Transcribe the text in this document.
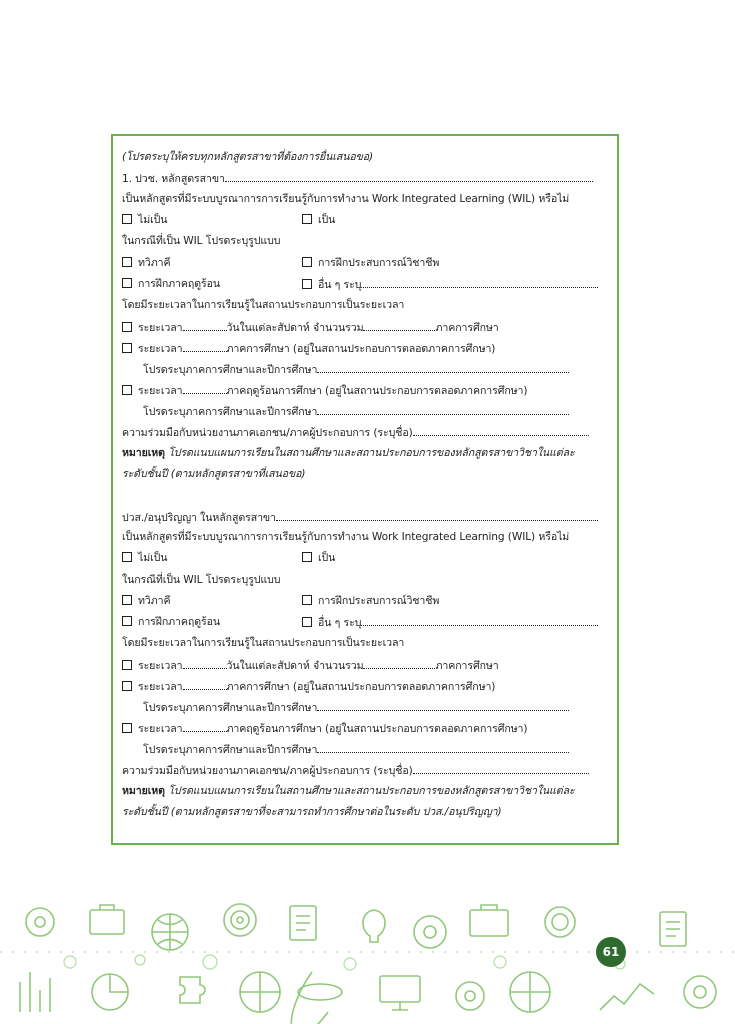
(โปรดระบุให้ครบทุกหลักสูตรสาขาที่ต้องการยื่นเสนอขอ)
1. ปวช. หลักสูตรสาขา
เป็นหลักสูตรที่มีระบบบูรณาการการเรียนรู้กับการทำงาน Work Integrated Learning (WIL) หรือไม่
ไม่เป็น	เป็น
ในกรณีที่เป็น WIL โปรดระบุรูปแบบ
ทวิภาคี	การฝึกประสบการณ์วิชาชีพ
การฝึกภาคฤดูร้อน	อื่น ๆ ระบุ
โดยมีระยะเวลาในการเรียนรู้ในสถานประกอบการเป็นระยะเวลา
ระยะเวลา	วันในแต่ละสัปดาห์ จำนวนรวม	ภาคการศึกษา
ระยะเวลา	ภาคการศึกษา (อยู่ในสถานประกอบการตลอดภาคการศึกษา)
โปรดระบุภาคการศึกษาและปีการศึกษา
ระยะเวลา	ภาคฤดูร้อนการศึกษา (อยู่ในสถานประกอบการตลอดภาคการศึกษา)
โปรดระบุภาคการศึกษาและปีการศึกษา
ความร่วมมือกับหน่วยงานภาคเอกชน/ภาคผู้ประกอบการ (ระบุชื่อ)
หมายเหตุ โปรดแนบแผนการเรียนในสถานศึกษาและสถานประกอบการของหลักสูตรสาขาวิชาในแต่ละ
ระดับชั้นปี (ตามหลักสูตรสาขาที่เสนอขอ)
ปวส./อนุปริญญา ในหลักสูตรสาขา
เป็นหลักสูตรที่มีระบบบูรณาการการเรียนรู้กับการทำงาน Work Integrated Learning (WIL) หรือไม่
ไม่เป็น	เป็น
ในกรณีที่เป็น WIL โปรดระบุรูปแบบ
ทวิภาคี	การฝึกประสบการณ์วิชาชีพ
การฝึกภาคฤดูร้อน	อื่น ๆ ระบุ
โดยมีระยะเวลาในการเรียนรู้ในสถานประกอบการเป็นระยะเวลา
ระยะเวลา	วันในแต่ละสัปดาห์ จำนวนรวม	ภาคการศึกษา
ระยะเวลา	ภาคการศึกษา (อยู่ในสถานประกอบการตลอดภาคการศึกษา)
โปรดระบุภาคการศึกษาและปีการศึกษา
ระยะเวลา	ภาคฤดูร้อนการศึกษา (อยู่ในสถานประกอบการตลอดภาคการศึกษา)
โปรดระบุภาคการศึกษาและปีการศึกษา
ความร่วมมือกับหน่วยงานภาคเอกชน/ภาคผู้ประกอบการ (ระบุชื่อ)
หมายเหตุ โปรดแนบแผนการเรียนในสถานศึกษาและสถานประกอบการของหลักสูตรสาขาวิชาในแต่ละ
ระดับชั้นปี (ตามหลักสูตรสาขาที่จะสามารถทำการศึกษาต่อในระดับ ปวส./อนุปริญญา)
61
